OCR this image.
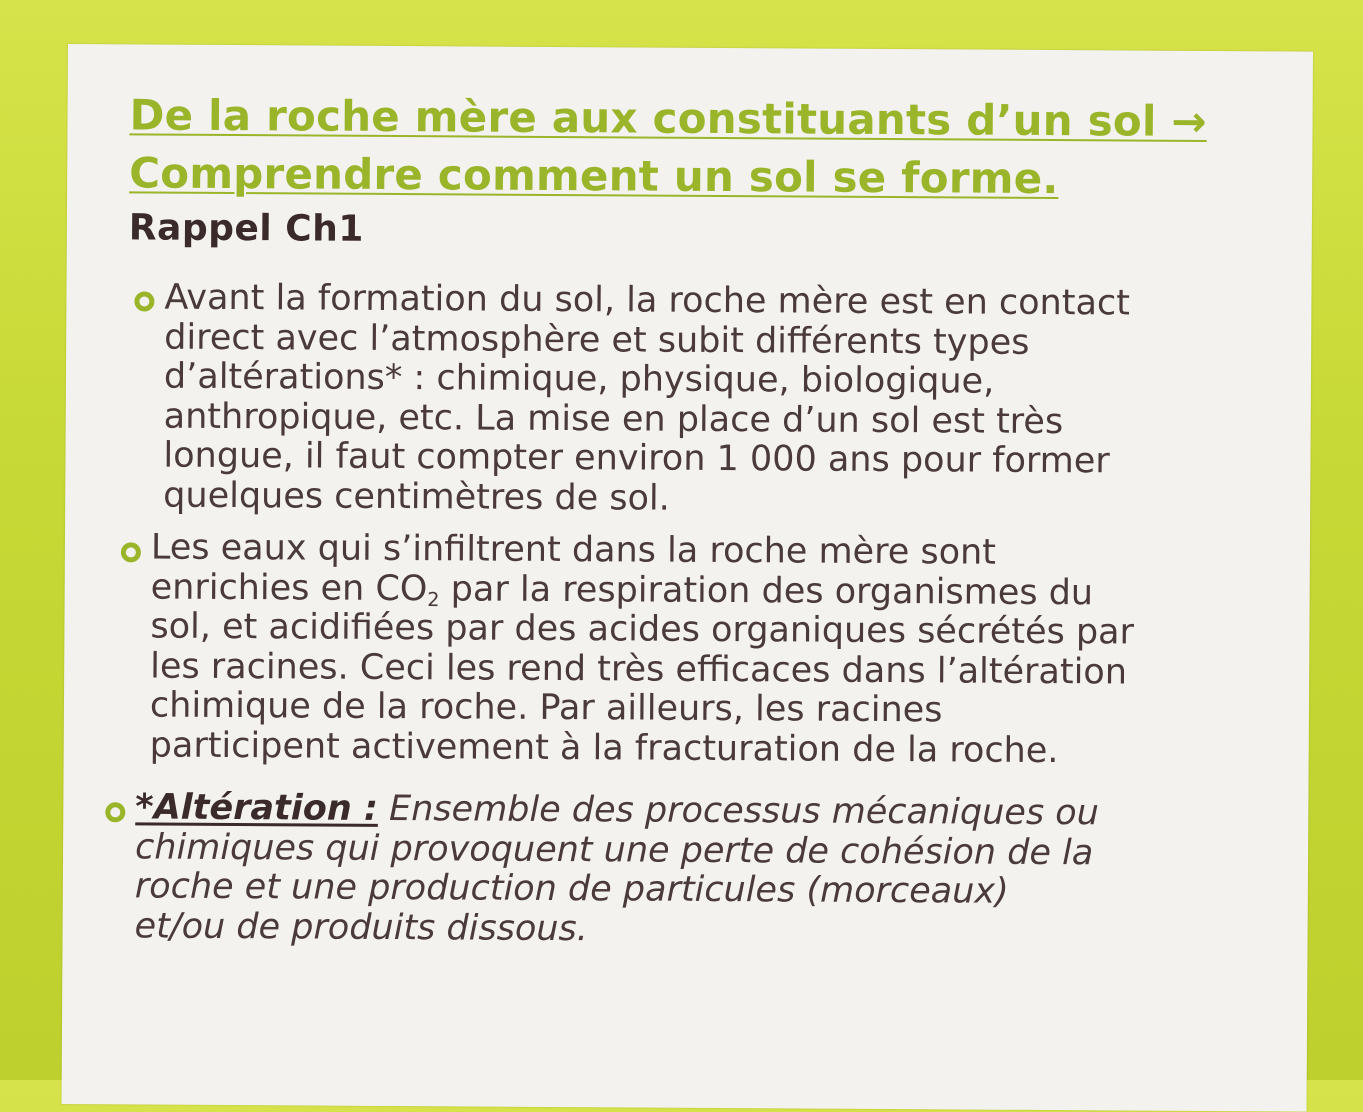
De la roche mère aux constituants d’un sol →
Comprendre comment un sol se forme.
Rappel Ch1
Avant la formation du sol, la roche mère est en contact
direct avec l’atmosphère et subit différents types
d’altérations* : chimique, physique, biologique,
anthropique, etc. La mise en place d’un sol est très
longue, il faut compter environ 1 000 ans pour former
quelques centimètres de sol.
Les eaux qui s’infiltrent dans la roche mère sont
enrichies en $CO_2$ par la respiration des organismes du
sol, et acidifiées par des acides organiques sécrétés par
les racines. Ceci les rend très efficaces dans l’altération
chimique de la roche. Par ailleurs, les racines
participent activement à la fracturation de la roche.
*Altération : Ensemble des processus mécaniques ou
chimiques qui provoquent une perte de cohésion de la
roche et une production de particules (morceaux)
et/ou de produits dissous.
